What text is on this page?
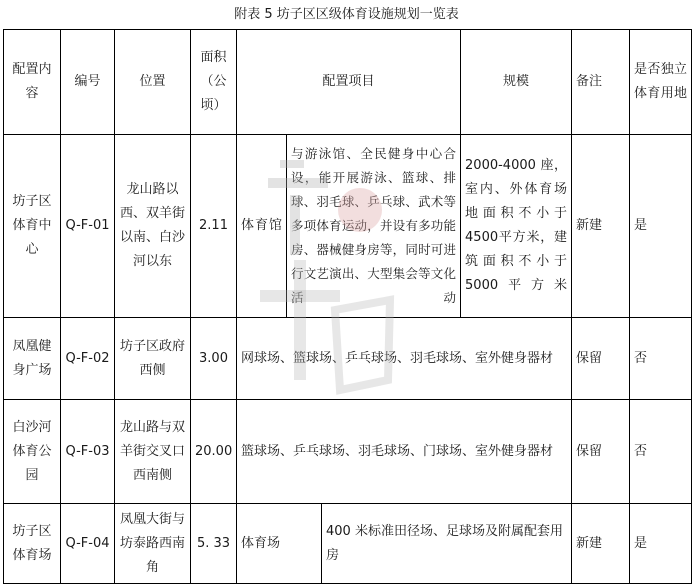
附表 5 坊子区区级体育设施规划一览表
配置内容	编号	位置	面积（公顷）	配置项目			规模	备注	是否独立体育用地
坊子区体育中心	Q-F-01	龙山路以西、双羊街以南、白沙河以东	2.11	体育馆	与游泳馆、全民健身中心合设，能开展游泳、篮球、排球、羽毛球、乒乓球、武术等多项体育运动，并设有多功能房、器械健身房等，同时可进行文艺演出、大型集会等文化活动		2000-4000 座，室内、外体育场地面积不小于4500平方米，建筑面积不小于5000平方米	新建	是
凤凰健身广场	Q-F-02	坊子区政府西侧	3.00	网球场、篮球场、乒乓球场、羽毛球场、室外健身器材				保留	否
白沙河体育公园	Q-F-03	龙山路与双羊街交叉口西南侧	20.00	篮球场、乒乓球场、羽毛球场、门球场、室外健身器材				保留	否
坊子区体育场	Q-F-04	凤凰大街与坊泰路西南角	5. 33	体育场		400 米标准田径场、足球场及附属配套用房		新建	是
